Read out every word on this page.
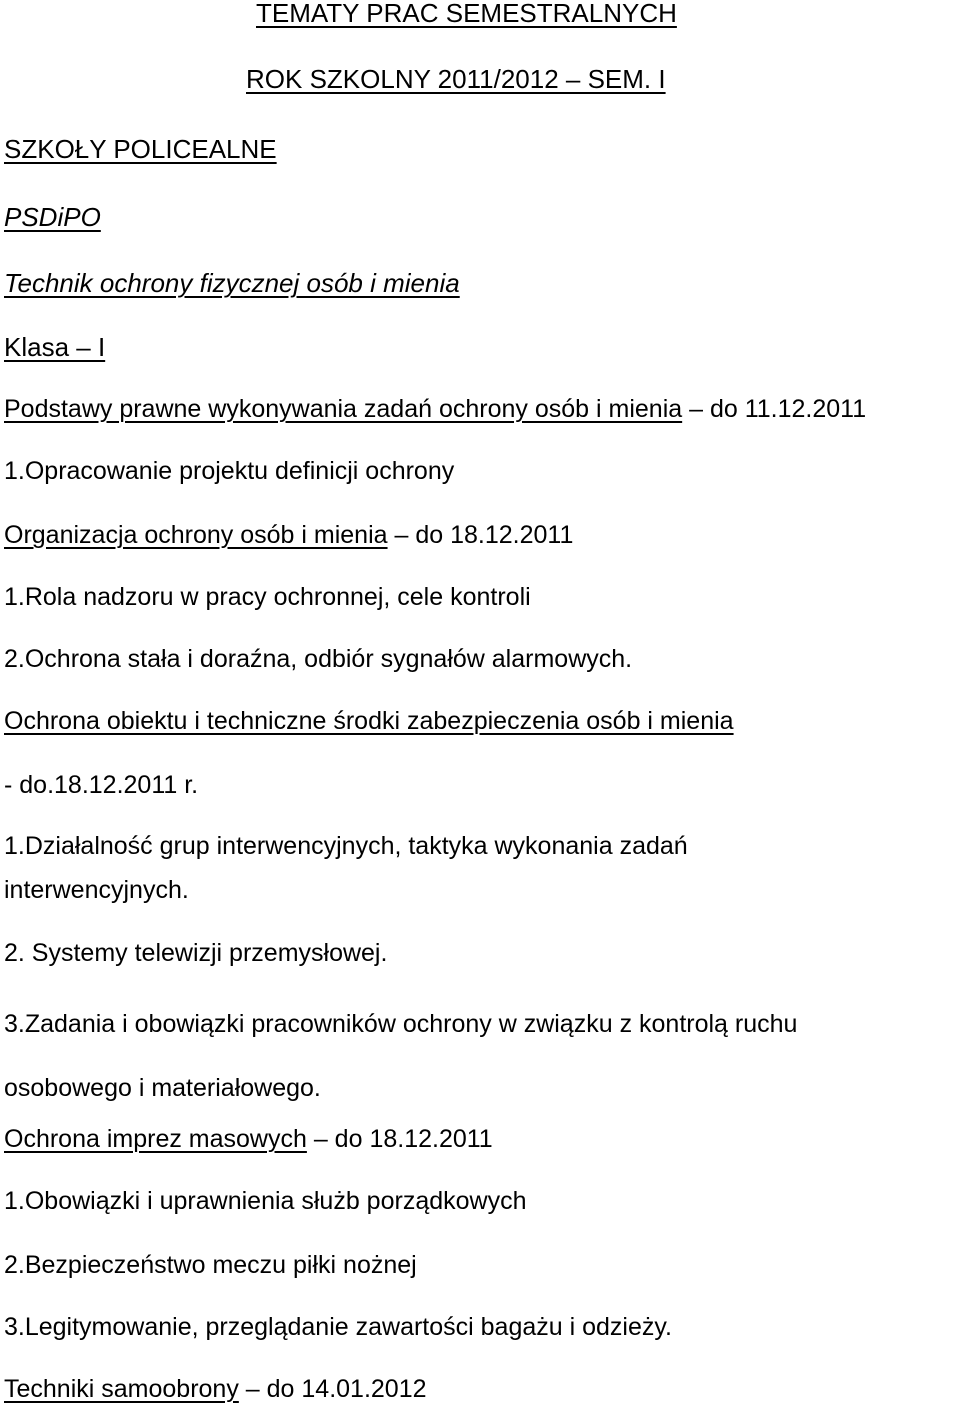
TEMATY PRAC SEMESTRALNYCH

ROK SZKOLNY 2011/2012 – SEM. I

SZKOŁY POLICEALNE

PSDiPO

Technik ochrony fizycznej osób i mienia

Klasa – I

Podstawy prawne wykonywania zadań ochrony osób i mienia – do 11.12.2011

1.Opracowanie projektu definicji ochrony

Organizacja ochrony osób i mienia – do 18.12.2011

1.Rola nadzoru w pracy ochronnej, cele kontroli

2.Ochrona stała i doraźna, odbiór sygnałów alarmowych.

Ochrona obiektu i techniczne środki zabezpieczenia osób i mienia

- do.18.12.2011 r.

1.Działalność grup interwencyjnych, taktyka wykonania zadań interwencyjnych.

2. Systemy telewizji przemysłowej.

3.Zadania i obowiązki pracowników ochrony w związku z kontrolą ruchu osobowego i materiałowego.

Ochrona imprez masowych – do 18.12.2011

1.Obowiązki i uprawnienia służb porządkowych

2.Bezpieczeństwo meczu piłki nożnej

3.Legitymowanie, przeglądanie zawartości bagażu i odzieży.

Techniki samoobrony – do 14.01.2012
